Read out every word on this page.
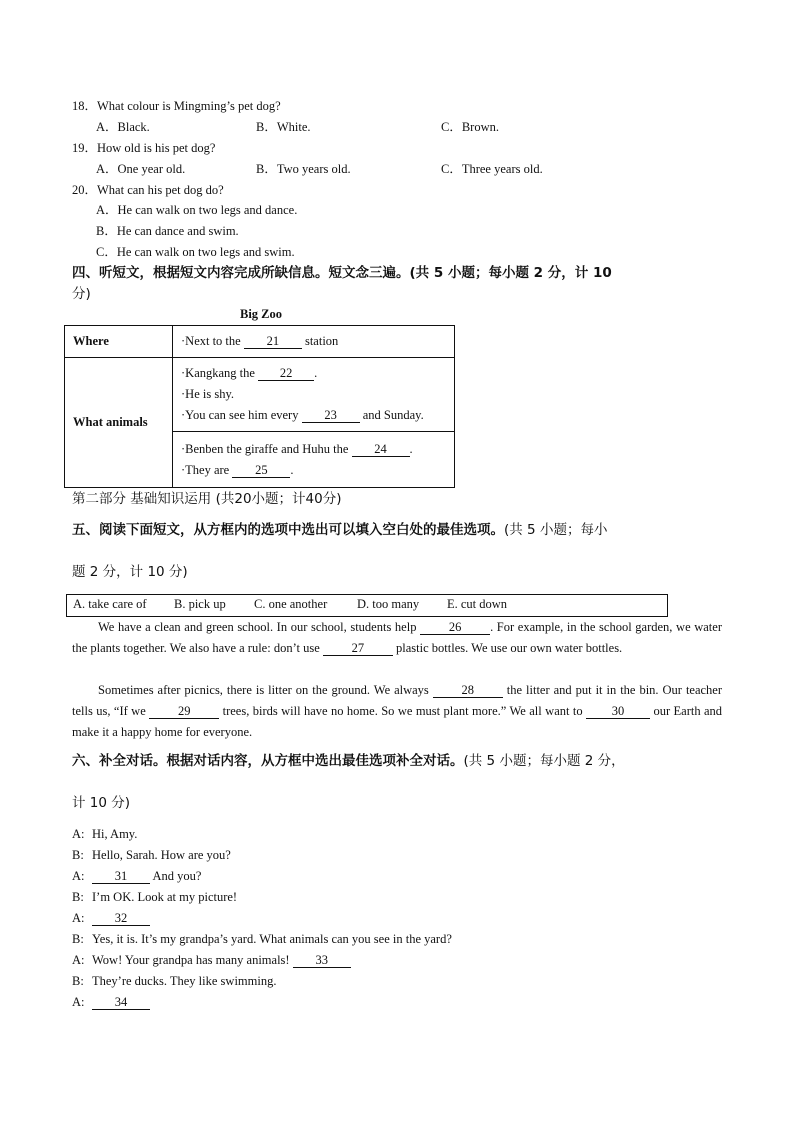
18．What colour is Mingming’s pet dog?
A．Black.	B．White.	C．Brown.
19．How old is his pet dog?
A．One year old.	B．Two years old.	C．Three years old.
20．What can his pet dog do?
A．He can walk on two legs and dance.
B．He can dance and swim.
C．He can walk on two legs and swim.
四、听短文，根据短文内容完成所缺信息。短文念三遍。(共 5 小题；每小题 2 分，计 10
分)
Big Zoo
Where	·Next to the 21 station

What animals	·Kangkang the 22 .
·He is shy.
·You can see him every 23 and Sunday.

	·Benben the giraffe and Huhu the 24 .
·They are 25 .
第二部分 基础知识运用 (共20小题；计40分)
五、阅读下面短文，从方框内的选项中选出可以填入空白处的最佳选项。(共 5 小题；每小
题 2 分，计 10 分)
A. take care of B. pick up C. one another D. too many E. cut down
We have a clean and green school. In our school, students help	26 . For example, in the school garden, we water the plants together. We also have a rule: don’t use	27	plastic bottles. We use our own water bottles.
Sometimes after picnics, there is litter on the ground. We always	28	the litter and put it in the bin. Our teacher tells us, “If we	29	trees, birds will have no home. So we must plant more.” We all want to 30 our Earth and make it a happy home for everyone.
六、补全对话。根据对话内容，从方框中选出最佳选项补全对话。(共 5 小题；每小题 2 分，
计 10 分)
A: Hi, Amy.
B: Hello, Sarah. How are you?
A: 31 And you?
B: I’m OK. Look at my picture!
A: 32
B: Yes, it is. It’s my grandpa’s yard. What animals can you see in the yard?
A: Wow! Your grandpa has many animals! 33
B: They’re ducks. They like swimming.
A: 34
